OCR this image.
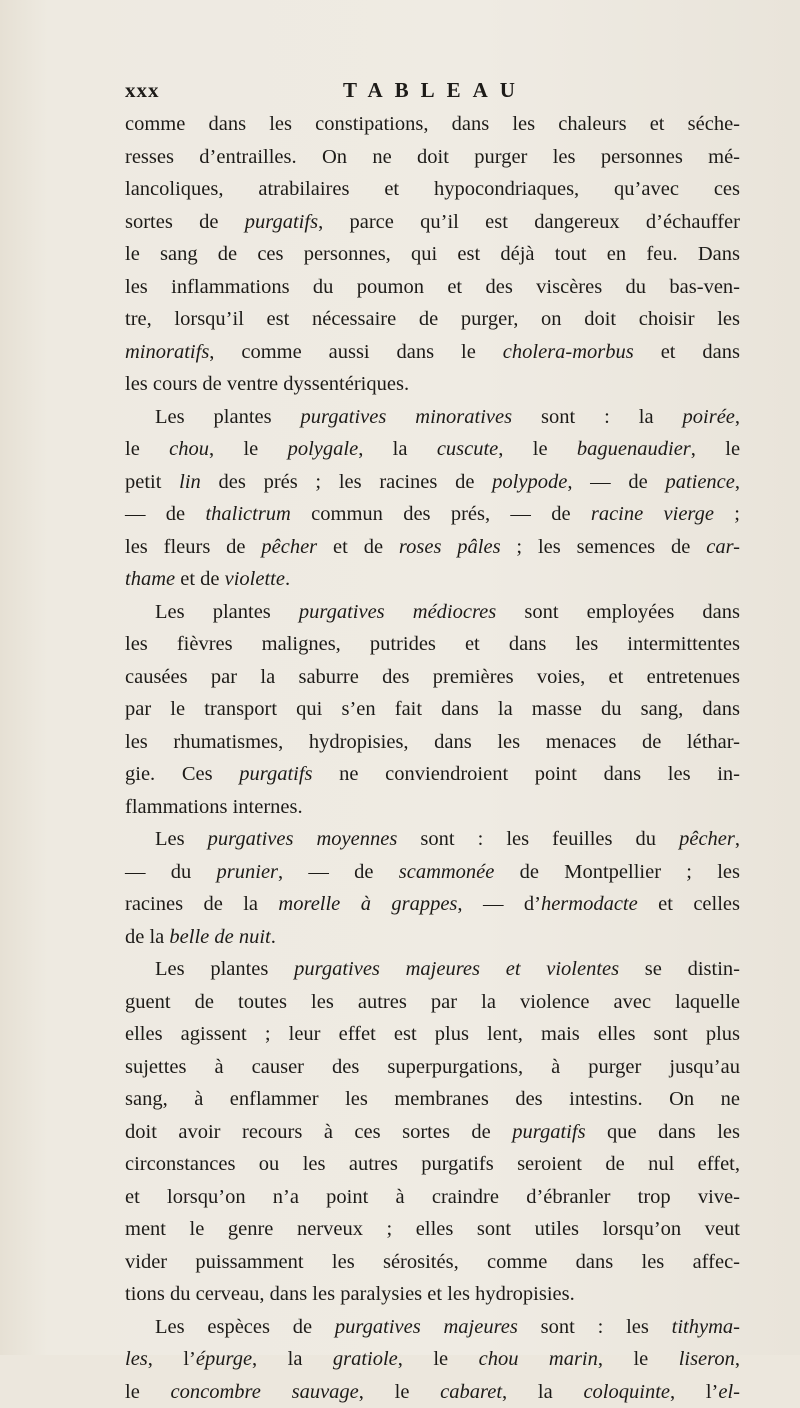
xxx	TABLEAU
comme dans les constipations, dans les chaleurs et séche-
resses d’entrailles. On ne doit purger les personnes mé-
lancoliques, atrabilaires et hypocondriaques, qu’avec ces
sortes de purgatifs, parce qu’il est dangereux d’échauffer
le sang de ces personnes, qui est déjà tout en feu. Dans
les inflammations du poumon et des viscères du bas-ven-
tre, lorsqu’il est nécessaire de purger, on doit choisir les
minoratifs, comme aussi dans le cholera-morbus et dans
les cours de ventre dyssentériques.
Les plantes purgatives minoratives sont : la poirée,
le chou, le polygale, la cuscute, le baguenaudier, le
petit lin des prés ; les racines de polypode, — de patience,
— de thalictrum commun des prés, — de racine vierge ;
les fleurs de pêcher et de roses pâles ; les semences de car-
thame et de violette.
Les plantes purgatives médiocres sont employées dans
les fièvres malignes, putrides et dans les intermittentes
causées par la saburre des premières voies, et entretenues
par le transport qui s’en fait dans la masse du sang, dans
les rhumatismes, hydropisies, dans les menaces de léthar-
gie. Ces purgatifs ne conviendroient point dans les in-
flammations internes.
Les purgatives moyennes sont : les feuilles du pêcher,
— du prunier, — de scammonée de Montpellier ; les
racines de la morelle à grappes, — d’hermodacte et celles
de la belle de nuit.
Les plantes purgatives majeures et violentes se distin-
guent de toutes les autres par la violence avec laquelle
elles agissent ; leur effet est plus lent, mais elles sont plus
sujettes à causer des superpurgations, à purger jusqu’au
sang, à enflammer les membranes des intestins. On ne
doit avoir recours à ces sortes de purgatifs que dans les
circonstances ou les autres purgatifs seroient de nul effet,
et lorsqu’on n’a point à craindre d’ébranler trop vive-
ment le genre nerveux ; elles sont utiles lorsqu’on veut
vider puissamment les sérosités, comme dans les affec-
tions du cerveau, dans les paralysies et les hydropisies.
Les espèces de purgatives majeures sont : les tithyma-
les, l’épurge, la gratiole, le chou marin, le liseron,
le concombre sauvage, le cabaret, la coloquinte, l’el-
